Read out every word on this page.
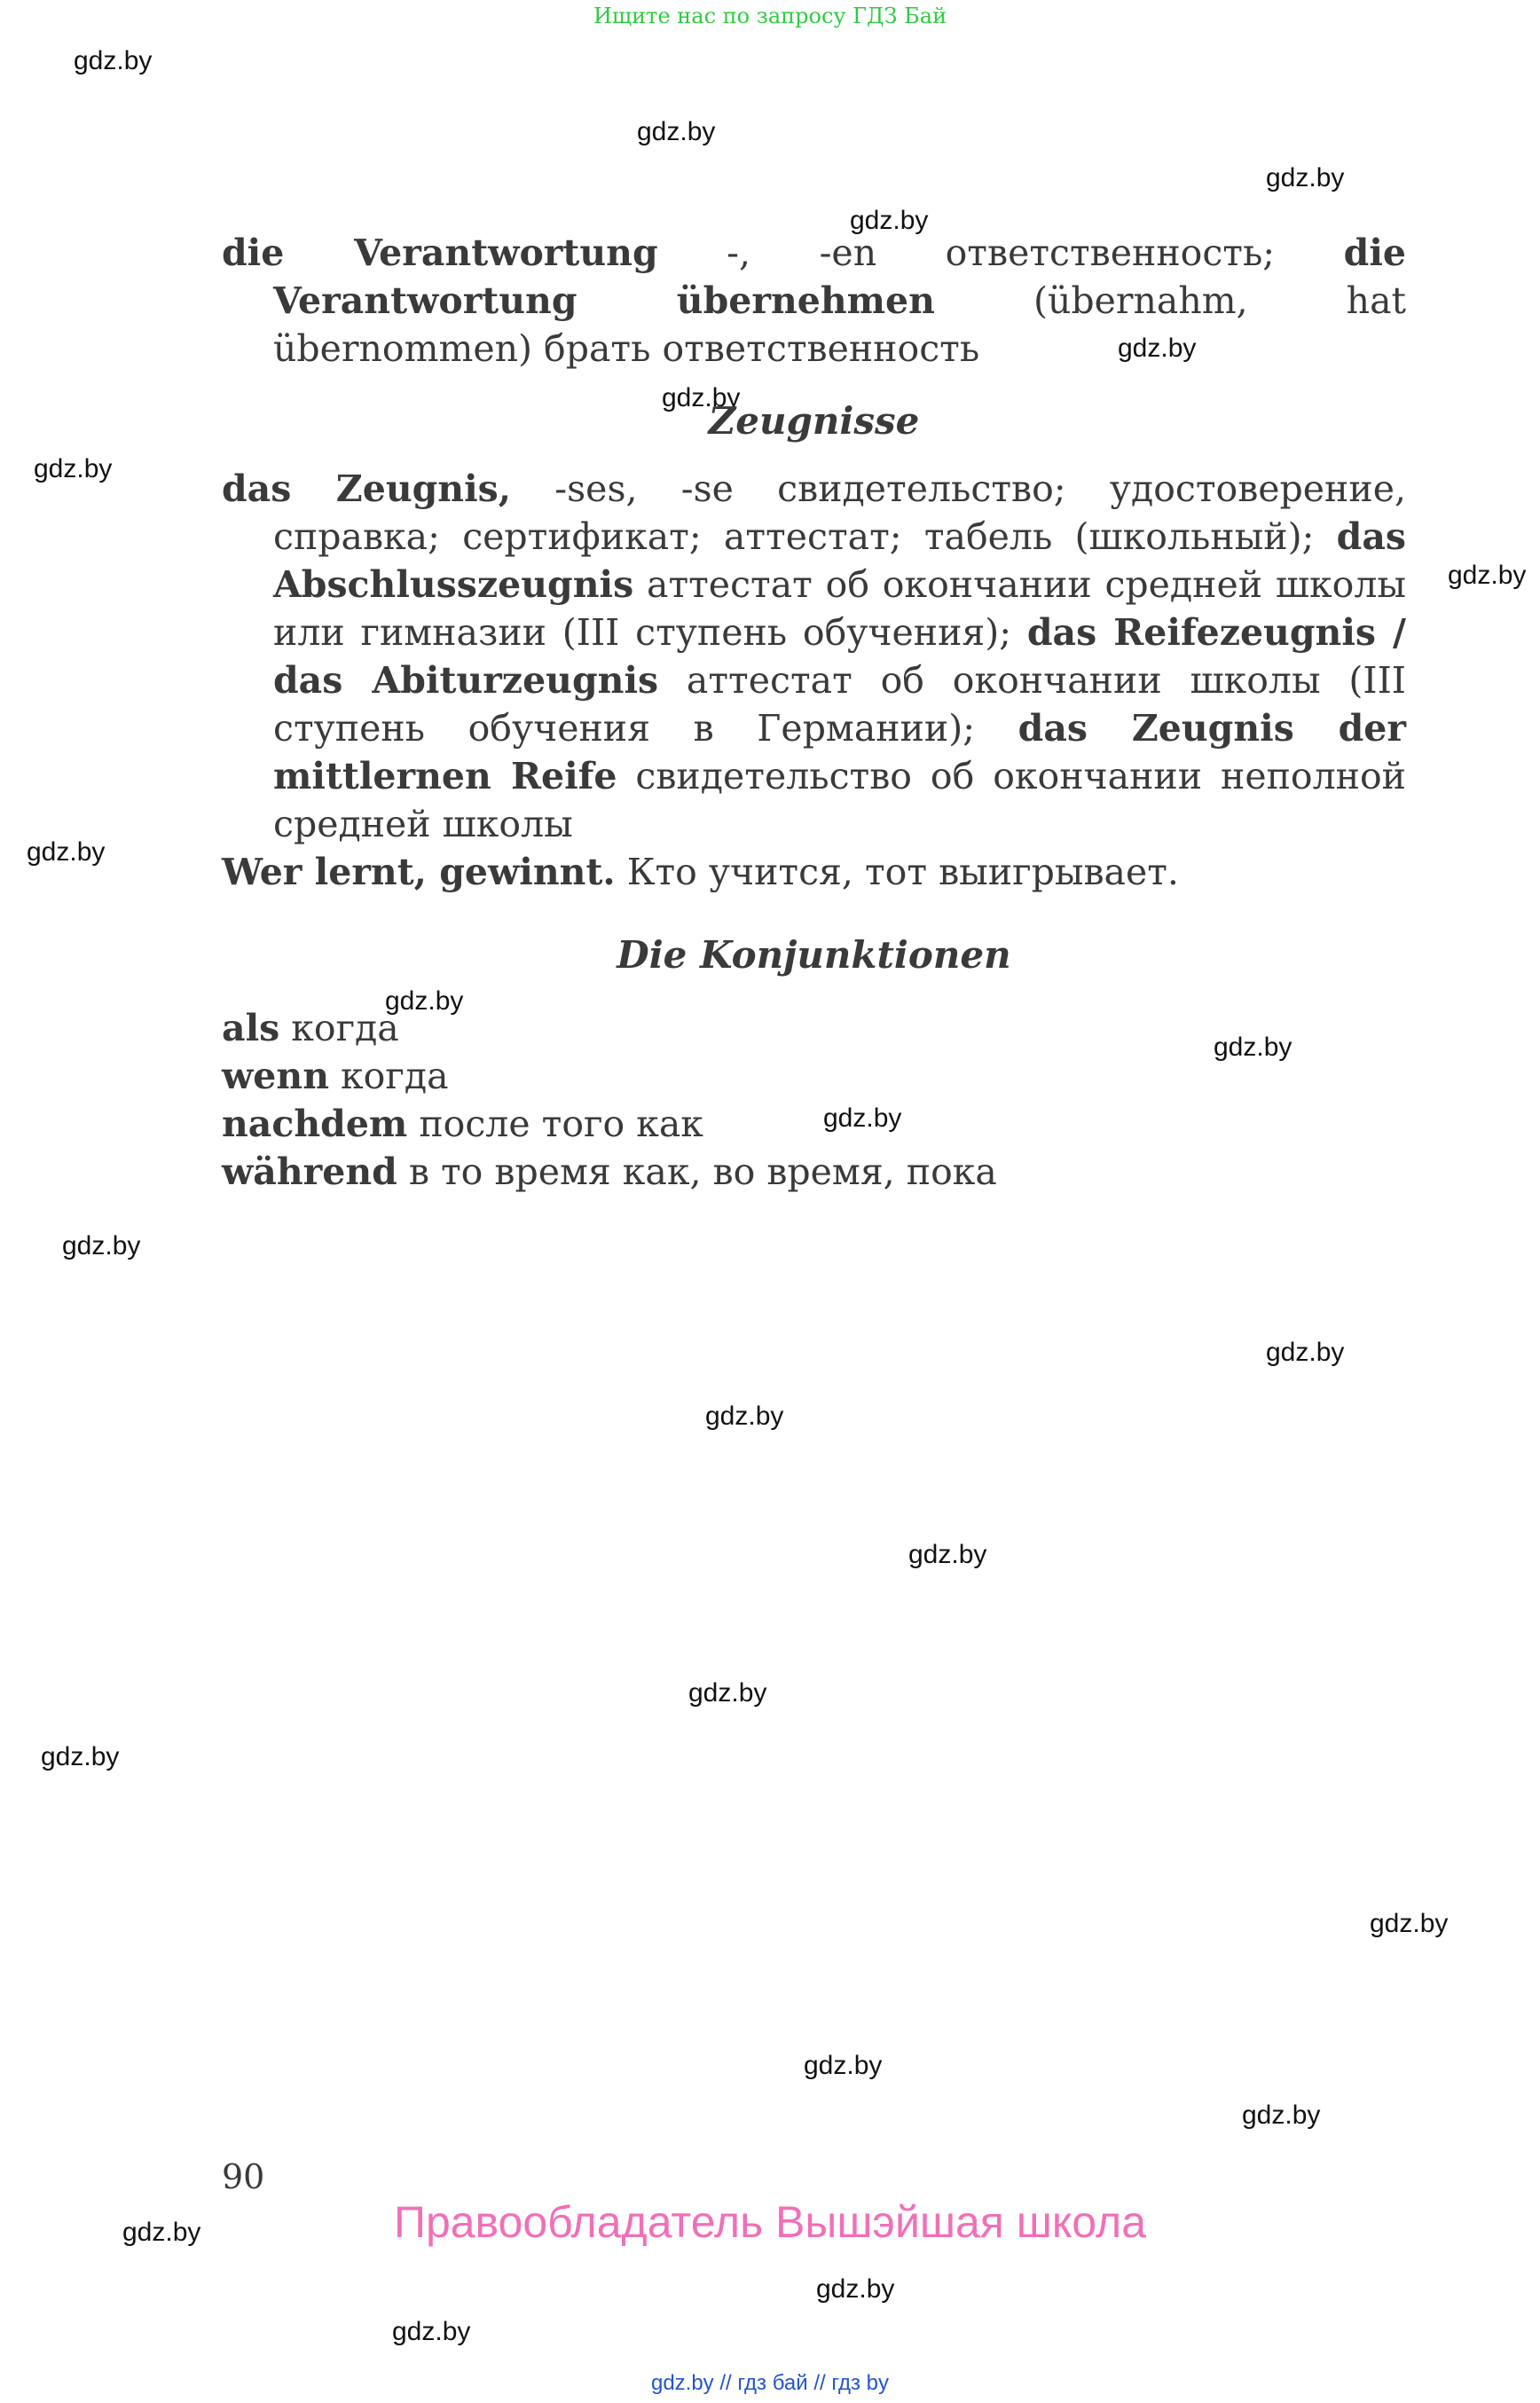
Ищите нас по запросу ГДЗ Бай
gdz.by
gdz.by
gdz.by
gdz.by
gdz.by
gdz.by
gdz.by
gdz.by
gdz.by
gdz.by
gdz.by
gdz.by
gdz.by
gdz.by
gdz.by
gdz.by
gdz.by
gdz.by
gdz.by
gdz.by
gdz.by
gdz.by
gdz.by
gdz.by

die Verantwortung -, -en ответственность; die Verantwortung übernehmen (übernahm, hat übernommen) брать ответственность

Zeugnisse

das Zeugnis, -ses, -se свидетельство; удостоверение, справка; сертификат; аттестат; табель (школьный); das Abschlusszeugnis аттестат об окончании средней школы или гимназии (III ступень обучения); das Reifezeugnis / das Abiturzeugnis аттестат об окончании школы (III ступень обучения в Германии); das Zeugnis der mittlernen Reife свидетельство об окончании неполной средней школы

Wer lernt, gewinnt. Кто учится, тот выигрывает.

Die Konjunktionen

als когда

wenn когда

nachdem после того как

während в то время как, во время, пока

90
Правообладатель Вышэйшая школа
gdz.by // гдз бай // гдз by
